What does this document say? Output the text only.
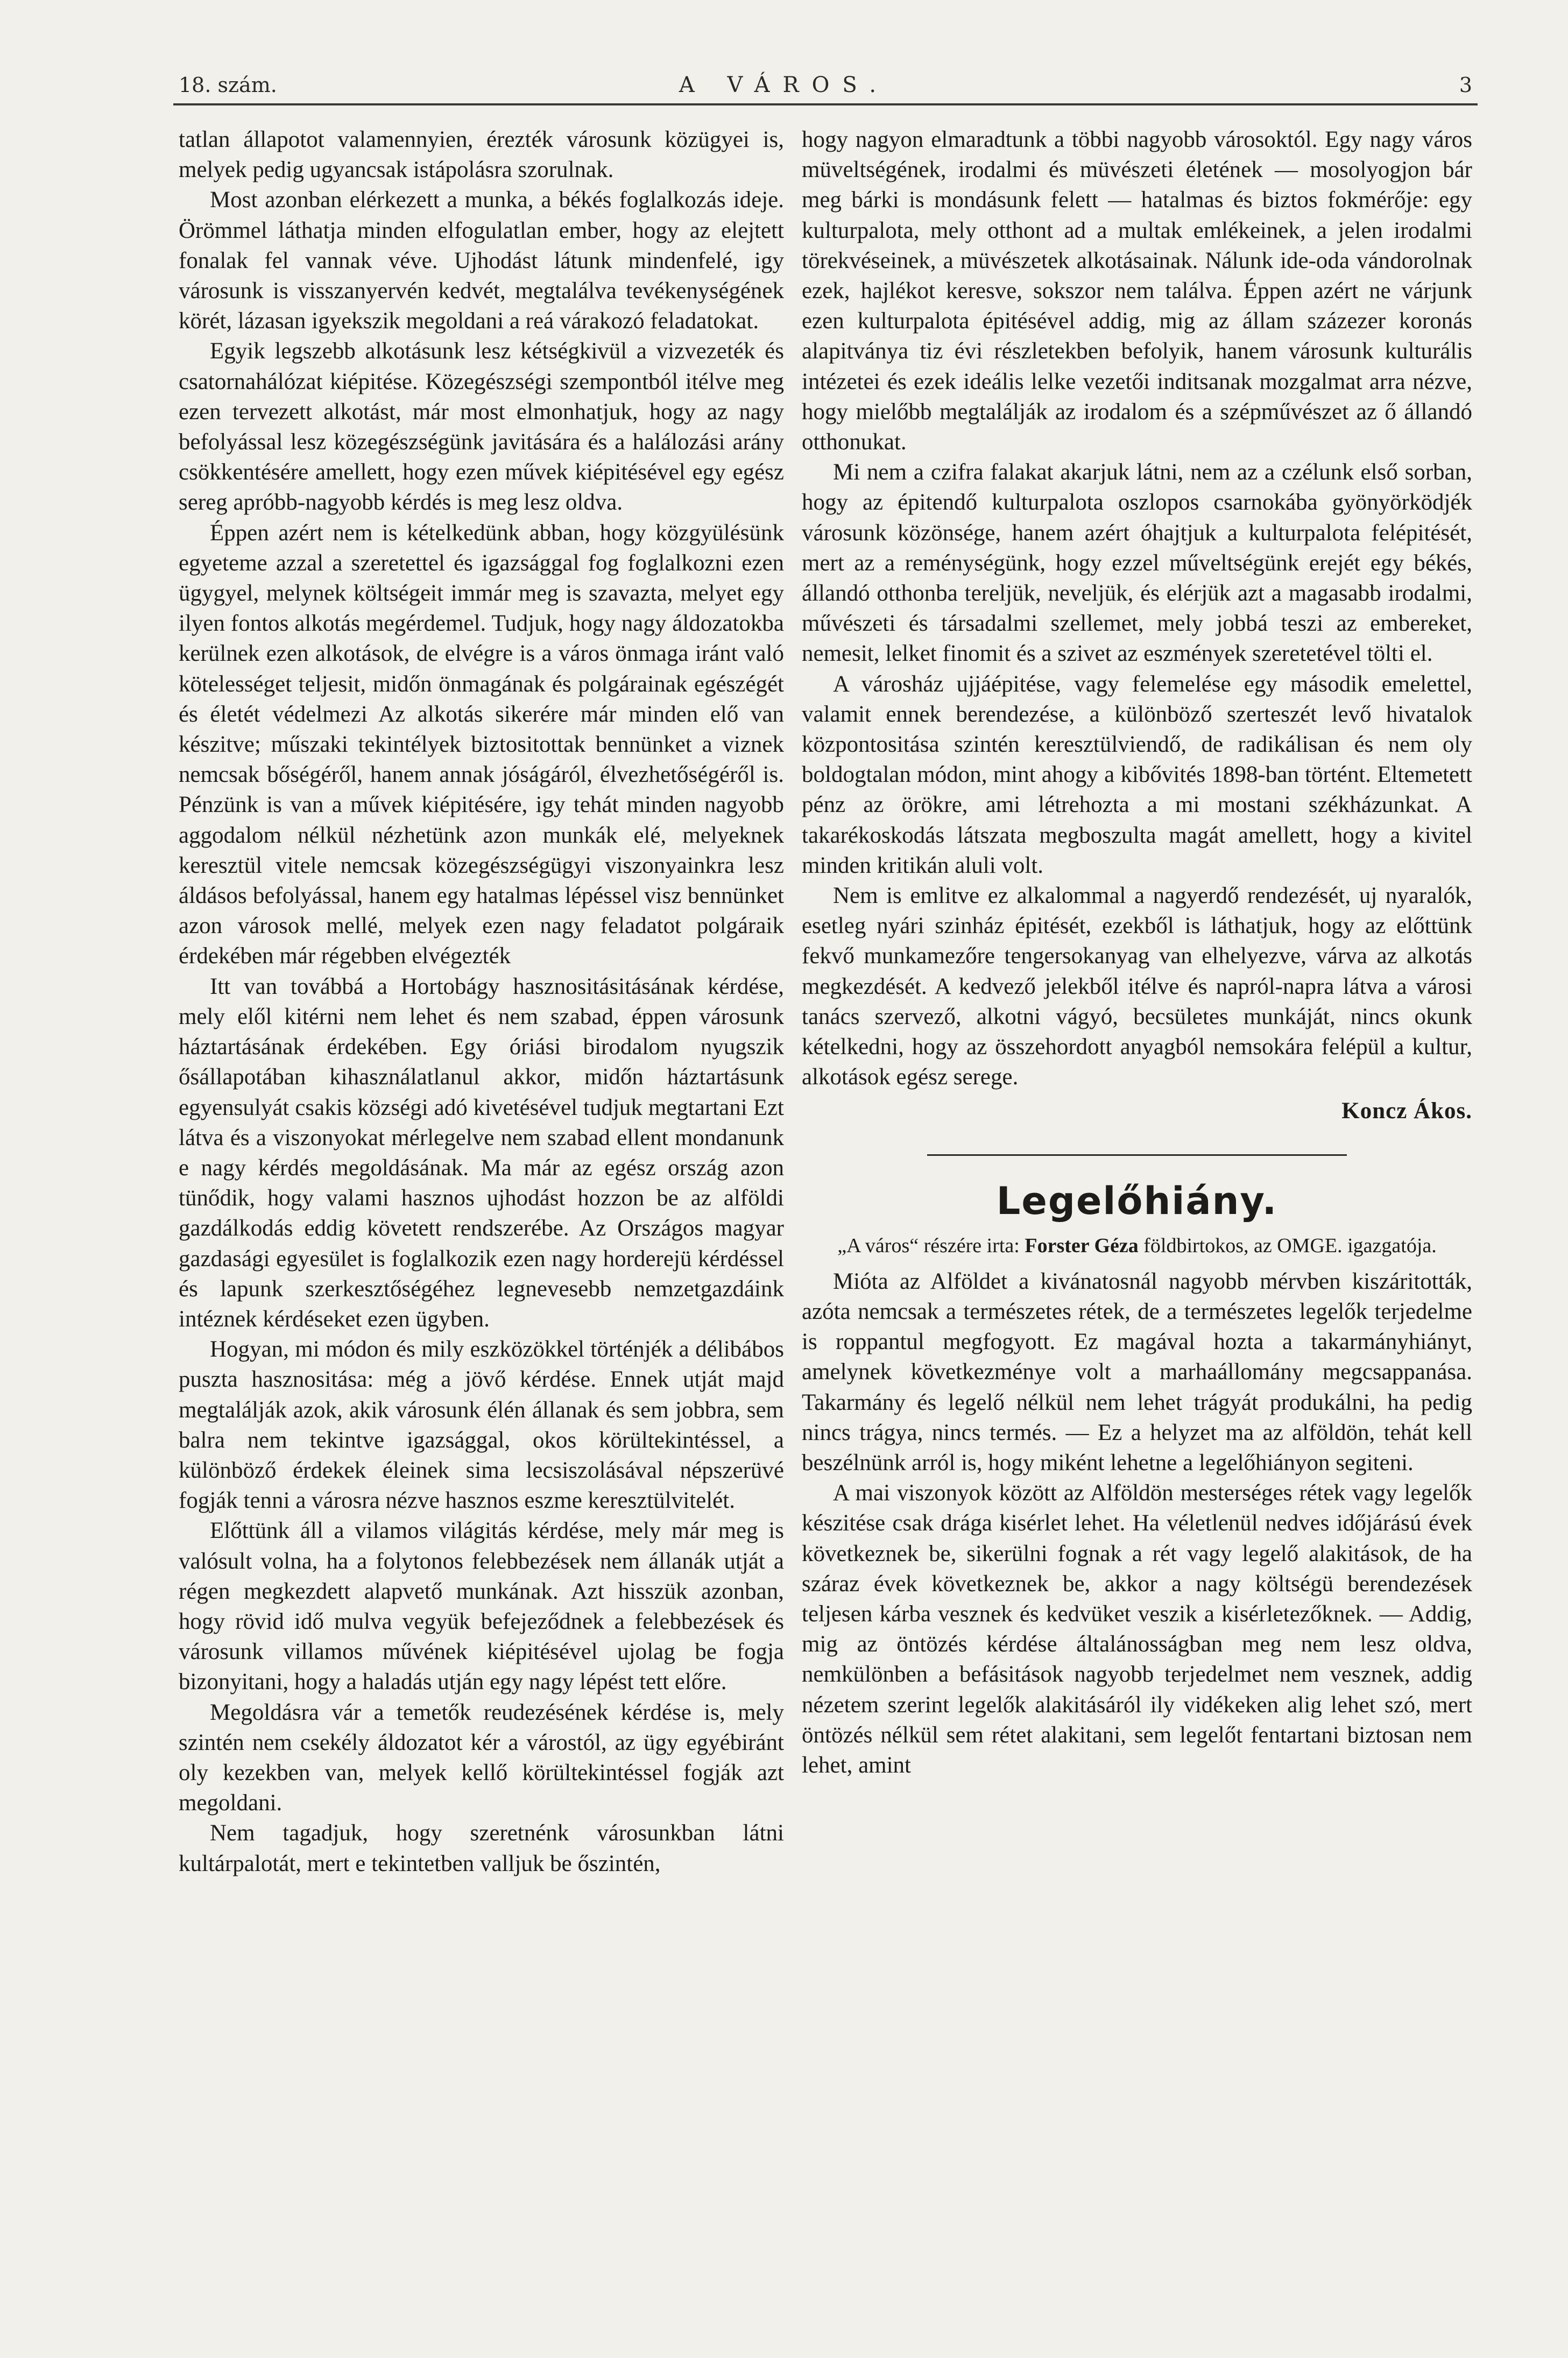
18. szám.	A VÁROS.	3

tatlan állapotot valamennyien, érezték városunk közügyei is, melyek pedig ugyancsak istápolásra szorulnak.

Most azonban elérkezett a munka, a békés foglalkozás ideje. Örömmel láthatja minden elfogulatlan ember, hogy az elejtett fonalak fel vannak véve. Ujhodást látunk mindenfelé, igy városunk is visszanyervén kedvét, megtalálva tevékenységének körét, lázasan igyekszik megoldani a reá várakozó feladatokat.

Egyik legszebb alkotásunk lesz kétségkivül a vizvezeték és csatornahálózat kiépitése. Közegészségi szempontból itélve meg ezen tervezett alkotást, már most elmonhatjuk, hogy az nagy befolyással lesz közegészségünk javitására és a halálozási arány csökkentésére amellett, hogy ezen művek kiépitésével egy egész sereg apróbb-nagyobb kérdés is meg lesz oldva.

Éppen azért nem is kételkedünk abban, hogy közgyülésünk egyeteme azzal a szeretettel és igazsággal fog foglalkozni ezen ügygyel, melynek költségeit immár meg is szavazta, melyet egy ilyen fontos alkotás megérdemel. Tudjuk, hogy nagy áldozatokba kerülnek ezen alkotások, de elvégre is a város önmaga iránt való kötelességet teljesit, midőn önmagának és polgárainak egészégét és életét védelmezi Az alkotás sikerére már minden elő van készitve; műszaki tekintélyek biztositottak bennünket a viznek nemcsak bőségéről, hanem annak jóságáról, élvezhetőségéről is. Pénzünk is van a művek kiépitésére, igy tehát minden nagyobb aggodalom nélkül nézhetünk azon munkák elé, melyeknek keresztül vitele nemcsak közegészségügyi viszonyainkra lesz áldásos befolyással, hanem egy hatalmas lépéssel visz bennünket azon városok mellé, melyek ezen nagy feladatot polgáraik érdekében már régebben elvégezték

Itt van továbbá a Hortobágy hasznositásitásának kérdése, mely elől kitérni nem lehet és nem szabad, éppen városunk háztartásának érdekében. Egy óriási birodalom nyugszik ősállapotában kihasználatlanul akkor, midőn háztartásunk egyensulyát csakis községi adó kivetésével tudjuk megtartani Ezt látva és a viszonyokat mérlegelve nem szabad ellent mondanunk e nagy kérdés megoldásának. Ma már az egész ország azon tünődik, hogy valami hasznos ujhodást hozzon be az alföldi gazdálkodás eddig követett rendszerébe. Az Országos magyar gazdasági egyesület is foglalkozik ezen nagy horderejü kérdéssel és lapunk szerkesztőségéhez legnevesebb nemzetgazdáink intéznek kérdéseket ezen ügyben.

Hogyan, mi módon és mily eszközökkel történjék a délibábos puszta hasznositása: még a jövő kérdése. Ennek utját majd megtalálják azok, akik városunk élén állanak és sem jobbra, sem balra nem tekintve igazsággal, okos körültekintéssel, a különböző érdekek éleinek sima lecsiszolásával népszerüvé fogják tenni a városra nézve hasznos eszme keresztülvitelét.

Előttünk áll a vilamos világitás kérdése, mely már meg is valósult volna, ha a folytonos felebbezések nem állanák utját a régen megkezdett alapvető munkának. Azt hisszük azonban, hogy rövid idő mulva vegyük befejeződnek a felebbezések és városunk villamos művének kiépitésével ujolag be fogja bizonyitani, hogy a haladás utján egy nagy lépést tett előre.

Megoldásra vár a temetők reudezésének kérdése is, mely szintén nem csekély áldozatot kér a várostól, az ügy egyébiránt oly kezekben van, melyek kellő körültekintéssel fogják azt megoldani.

Nem tagadjuk, hogy szeretnénk városunkban látni kultárpalotát, mert e tekintetben valljuk be őszintén,

hogy nagyon elmaradtunk a többi nagyobb városoktól. Egy nagy város müveltségének, irodalmi és müvészeti életének — mosolyogjon bár meg bárki is mondásunk felett — hatalmas és biztos fokmérője: egy kulturpalota, mely otthont ad a multak emlékeinek, a jelen irodalmi törekvéseinek, a müvészetek alkotásainak. Nálunk ide-oda vándorolnak ezek, hajlékot keresve, sokszor nem találva. Éppen azért ne várjunk ezen kulturpalota épitésével addig, mig az állam százezer koronás alapitványa tiz évi részletekben befolyik, hanem városunk kulturális intézetei és ezek ideális lelke vezetői inditsanak mozgalmat arra nézve, hogy mielőbb megtalálják az irodalom és a szépművészet az ő állandó otthonukat.

Mi nem a czifra falakat akarjuk látni, nem az a czélunk első sorban, hogy az épitendő kulturpalota oszlopos csarnokába gyönyörködjék városunk közönsége, hanem azért óhajtjuk a kulturpalota felépitését, mert az a reménységünk, hogy ezzel műveltségünk erejét egy békés, állandó otthonba tereljük, neveljük, és elérjük azt a magasabb irodalmi, művészeti és társadalmi szellemet, mely jobbá teszi az embereket, nemesit, lelket finomit és a szivet az eszmények szeretetével tölti el.

A városház ujjáépitése, vagy felemelése egy második emelettel, valamit ennek berendezése, a különböző szerteszét levő hivatalok központositása szintén keresztülviendő, de radikálisan és nem oly boldogtalan módon, mint ahogy a kibővités 1898-ban történt. Eltemetett pénz az örökre, ami létrehozta a mi mostani székházunkat. A takarékoskodás látszata megboszulta magát amellett, hogy a kivitel minden kritikán aluli volt.

Nem is emlitve ez alkalommal a nagyerdő rendezését, uj nyaralók, esetleg nyári szinház épitését, ezekből is láthatjuk, hogy az előttünk fekvő munkamezőre tengersokanyag van elhelyezve, várva az alkotás megkezdését. A kedvező jelekből itélve és napról-napra látva a városi tanács szervező, alkotni vágyó, becsületes munkáját, nincs okunk kételkedni, hogy az összehordott anyagból nemsokára felépül a kultur, alkotások egész serege.

Koncz Ákos.

Legelőhiány.

„A város“ részére irta: Forster Géza földbirtokos, az OMGE. igazgatója.

Mióta az Alföldet a kivánatosnál nagyobb mérvben kiszáritották, azóta nemcsak a természetes rétek, de a természetes legelők terjedelme is roppantul megfogyott. Ez magával hozta a takarmányhiányt, amelynek következménye volt a marhaállomány megcsappanása. Takarmány és legelő nélkül nem lehet trágyát produkálni, ha pedig nincs trágya, nincs termés. — Ez a helyzet ma az alföldön, tehát kell beszélnünk arról is, hogy miként lehetne a legelőhiányon segiteni.

A mai viszonyok között az Alföldön mesterséges rétek vagy legelők készitése csak drága kisérlet lehet. Ha véletlenül nedves időjárású évek következnek be, sikerülni fognak a rét vagy legelő alakitások, de ha száraz évek következnek be, akkor a nagy költségü berendezések teljesen kárba vesznek és kedvüket veszik a kisérletezőknek. — Addig, mig az öntözés kérdése általánosságban meg nem lesz oldva, nemkülönben a befásitások nagyobb terjedelmet nem vesznek, addig nézetem szerint legelők alakitásáról ily vidékeken alig lehet szó, mert öntözés nélkül sem rétet alakitani, sem legelőt fentartani biztosan nem lehet, amint
